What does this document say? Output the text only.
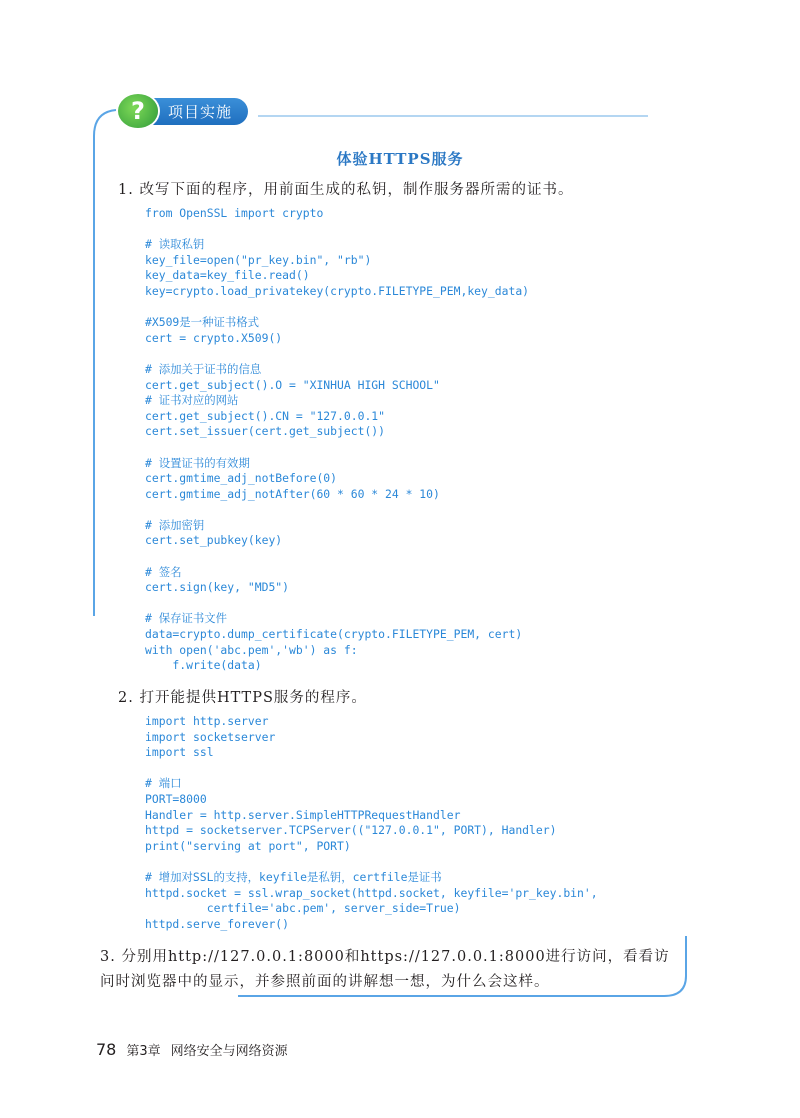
?	项目实施
体验HTTPS服务
1. 改写下面的程序，用前面生成的私钥，制作服务器所需的证书。
from OpenSSL import crypto

# 读取私钥
key_file=open("pr_key.bin", "rb")
key_data=key_file.read()
key=crypto.load_privatekey(crypto.FILETYPE_PEM,key_data)

#X509是一种证书格式
cert = crypto.X509()

# 添加关于证书的信息
cert.get_subject().O = "XINHUA HIGH SCHOOL"
# 证书对应的网站
cert.get_subject().CN = "127.0.0.1"
cert.set_issuer(cert.get_subject())

# 设置证书的有效期
cert.gmtime_adj_notBefore(0)
cert.gmtime_adj_notAfter(60 * 60 * 24 * 10)

# 添加密钥
cert.set_pubkey(key)

# 签名
cert.sign(key, "MD5")

# 保存证书文件
data=crypto.dump_certificate(crypto.FILETYPE_PEM, cert)
with open('abc.pem','wb') as f:
f.write(data)
2. 打开能提供HTTPS服务的程序。
import http.server
import socketserver
import ssl

# 端口
PORT=8000
Handler = http.server.SimpleHTTPRequestHandler
httpd = socketserver.TCPServer(("127.0.0.1", PORT), Handler)
print("serving at port", PORT)

# 增加对SSL的支持，keyfile是私钥，certfile是证书
httpd.socket = ssl.wrap_socket(httpd.socket, keyfile='pr_key.bin',
certfile='abc.pem', server_side=True)
httpd.serve_forever()
3. 分别用http://127.0.0.1:8000和https://127.0.0.1:8000进行访问，看看访问时浏览器中的显示，并参照前面的讲解想一想，为什么会这样。
78 第3章 网络安全与网络资源
